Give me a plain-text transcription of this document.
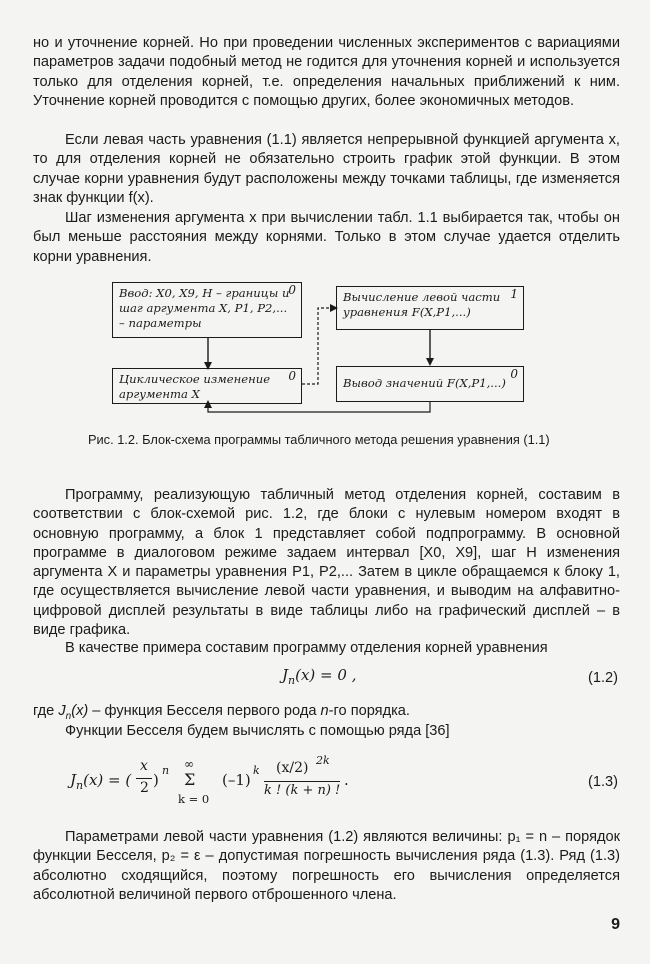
но и уточнение корней. Но при проведении численных экспериментов с вариациями параметров задачи подобный метод не годится для уточнения корней и используется только для отделения корней, т.е. определения начальных приближений к ним. Уточнение корней проводится с помощью других, более экономичных методов.

Если левая часть уравнения (1.1) является непрерывной функцией аргумента x, то для отделения корней не обязательно строить график этой функции. В этом случае корни уравнения будут расположены между точками таблицы, где изменяется знак функции f(x).

Шаг изменения аргумента x при вычислении табл. 1.1 выбирается так, чтобы он был меньше расстояния между корнями. Только в этом случае удается отделить корни уравнения.

Ввод: X0, X9, H – границы и шаг аргумента X, P1, P2,... – параметры
0	Вычисление левой части уравнения F(X,P1,...)
1
Циклическое изменение аргумента X
0	Вывод значений F(X,P1,...)
0
Рис. 1.2. Блок-схема программы табличного метода решения уравнения (1.1)

Программу, реализующую табличный метод отделения корней, составим в соответствии с блок-схемой рис. 1.2, где блоки с нулевым номером входят в основную программу, а блок 1 представляет собой подпрограмму. В основной программе в диалоговом режиме задаем интервал [X0, X9], шаг H изменения аргумента X и параметры уравнения P1, P2,... Затем в цикле обращаемся к блоку 1, где осуществляется вычисление левой части уравнения, и выводим на алфавитно-цифровой дисплей результаты в виде таблицы либо на графический дисплей – в виде графика.

В качестве примера составим программу отделения корней уравнения

$J_n(x) = 0$ ,	(1.2)
где $J_n(x)$ – функция Бесселя первого рода n-го порядка.

Функции Бесселя будем вычислять с помощью ряда [36]

$J_n(x)$ = (
x
2 )
n ∞
Σ
k = 0
(–1)
k (x/2) 2k
k ! (k + n) !
.	(1.3)

Параметрами левой части уравнения (1.2) являются величины: p₁ = n – порядок функции Бесселя, p₂ = ε – допустимая погрешность вычисления ряда (1.3). Ряд (1.3) абсолютно сходящийся, поэтому погрешность его вычисления определяется абсолютной величиной первого отброшенного члена.

9
